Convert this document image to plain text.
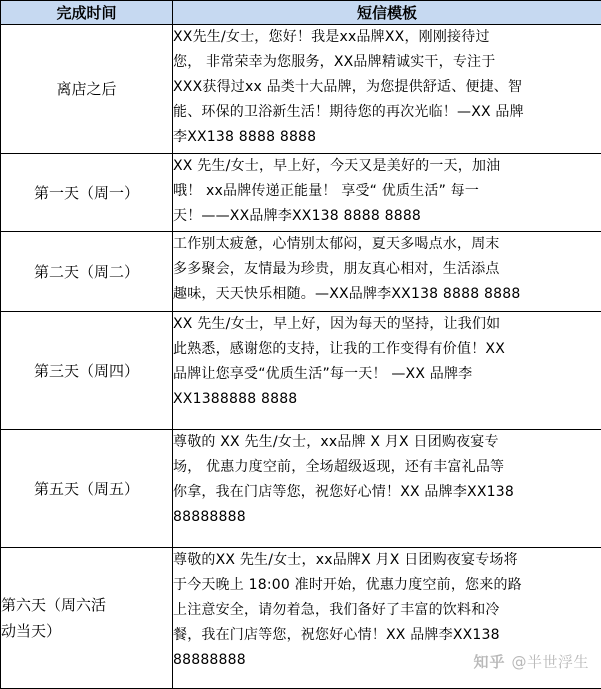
完成时间	短信模板
离店之后	XX先生/女士，您好！我是xx品牌XX，刚刚接待过
您， 非常荣幸为您服务，XX品牌精诚实干，专注于
XXX获得过xx 品类十大品牌，为您提供舒适、便捷、智
能、环保的卫浴新生活！期待您的再次光临！—XX 品牌
李XX138 8888 8888

第一天（周一）	XX 先生/女士，早上好，今天又是美好的一天，加油
哦！ xx品牌传递正能量！ 享受“ 优质生活” 每一
天！——XX品牌李XX138 8888 8888

第二天（周二）	工作别太疲惫，心情别太郁闷，夏天多喝点水，周末
多多聚会，友情最为珍贵，朋友真心相对，生活添点
趣味，天天快乐相随。—XX品牌李XX138 8888 8888

第三天（周四）	XX 先生/女士，早上好，因为每天的坚持，让我们如
此熟悉，感谢您的支持，让我的工作变得有价值！XX
品牌让您享受“优质生活”每一天！ —XX 品牌李
XX1388888 8888

第五天（周五）	尊敬的 XX 先生/女士，xx品牌 X 月X 日团购夜宴专
场， 优惠力度空前，全场超级返现，还有丰富礼品等
你拿，我在门店等您，祝您好心情！XX 品牌李XX138
88888888

第六天（周六活
动当天）	尊敬的XX 先生/女士，xx品牌X 月X 日团购夜宴专场将
于今天晚上 18:00 准时开始，优惠力度空前，您来的路
上注意安全，请勿着急，我们备好了丰富的饮料和冷
餐，我在门店等您，祝您好心情！XX 品牌李XX138
88888888	知乎 @半世浮生
